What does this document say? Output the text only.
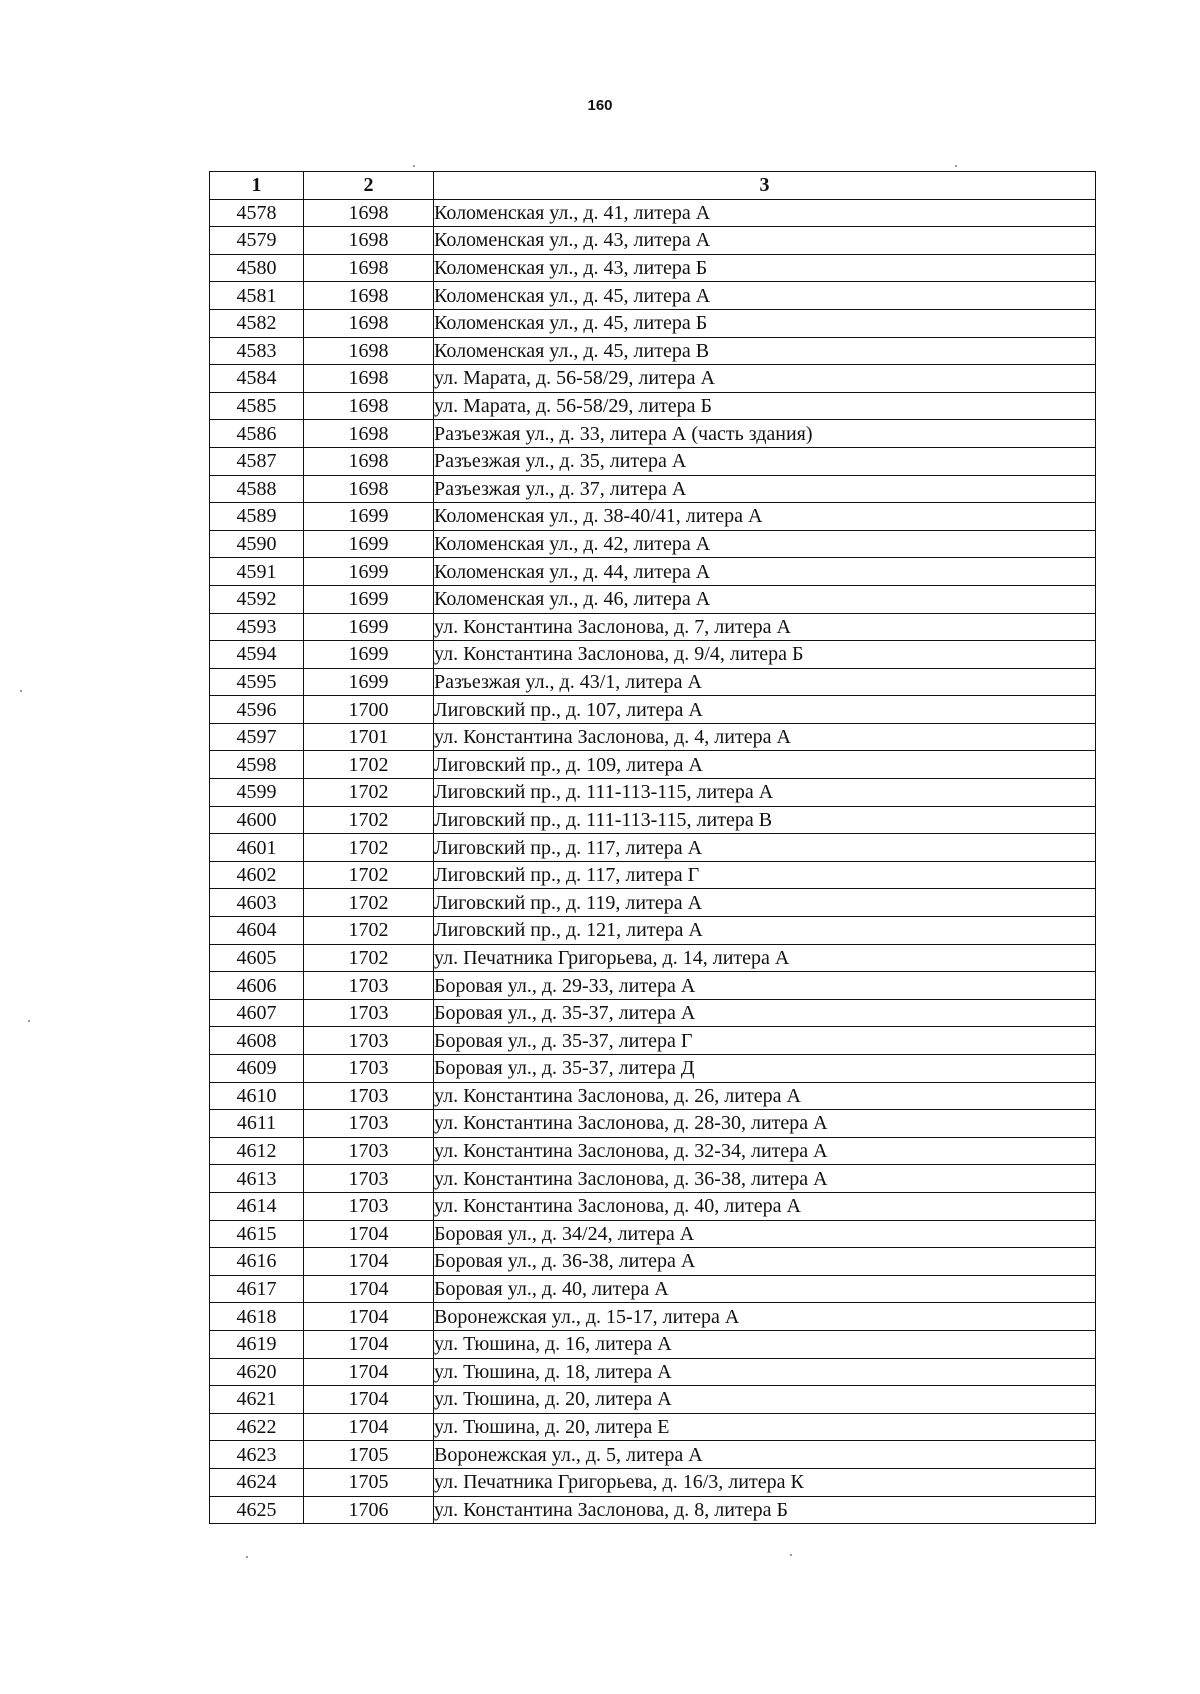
160
1	2	3
4578	1698	Коломенская ул., д. 41, литера А
4579	1698	Коломенская ул., д. 43, литера А
4580	1698	Коломенская ул., д. 43, литера Б
4581	1698	Коломенская ул., д. 45, литера А
4582	1698	Коломенская ул., д. 45, литера Б
4583	1698	Коломенская ул., д. 45, литера В
4584	1698	ул. Марата, д. 56-58/29, литера А
4585	1698	ул. Марата, д. 56-58/29, литера Б
4586	1698	Разъезжая ул., д. 33, литера А (часть здания)
4587	1698	Разъезжая ул., д. 35, литера А
4588	1698	Разъезжая ул., д. 37, литера А
4589	1699	Коломенская ул., д. 38-40/41, литера А
4590	1699	Коломенская ул., д. 42, литера А
4591	1699	Коломенская ул., д. 44, литера А
4592	1699	Коломенская ул., д. 46, литера А
4593	1699	ул. Константина Заслонова, д. 7, литера А
4594	1699	ул. Константина Заслонова, д. 9/4, литера Б
4595	1699	Разъезжая ул., д. 43/1, литера А
4596	1700	Лиговский пр., д. 107, литера А
4597	1701	ул. Константина Заслонова, д. 4, литера А
4598	1702	Лиговский пр., д. 109, литера А
4599	1702	Лиговский пр., д. 111-113-115, литера А
4600	1702	Лиговский пр., д. 111-113-115, литера В
4601	1702	Лиговский пр., д. 117, литера А
4602	1702	Лиговский пр., д. 117, литера Г
4603	1702	Лиговский пр., д. 119, литера А
4604	1702	Лиговский пр., д. 121, литера А
4605	1702	ул. Печатника Григорьева, д. 14, литера А
4606	1703	Боровая ул., д. 29-33, литера А
4607	1703	Боровая ул., д. 35-37, литера А
4608	1703	Боровая ул., д. 35-37, литера Г
4609	1703	Боровая ул., д. 35-37, литера Д
4610	1703	ул. Константина Заслонова, д. 26, литера А
4611	1703	ул. Константина Заслонова, д. 28-30, литера А
4612	1703	ул. Константина Заслонова, д. 32-34, литера А
4613	1703	ул. Константина Заслонова, д. 36-38, литера А
4614	1703	ул. Константина Заслонова, д. 40, литера А
4615	1704	Боровая ул., д. 34/24, литера А
4616	1704	Боровая ул., д. 36-38, литера А
4617	1704	Боровая ул., д. 40, литера А
4618	1704	Воронежская ул., д. 15-17, литера А
4619	1704	ул. Тюшина, д. 16, литера А
4620	1704	ул. Тюшина, д. 18, литера А
4621	1704	ул. Тюшина, д. 20, литера А
4622	1704	ул. Тюшина, д. 20, литера Е
4623	1705	Воронежская ул., д. 5, литера А
4624	1705	ул. Печатника Григорьева, д. 16/3, литера К
4625	1706	ул. Константина Заслонова, д. 8, литера Б
